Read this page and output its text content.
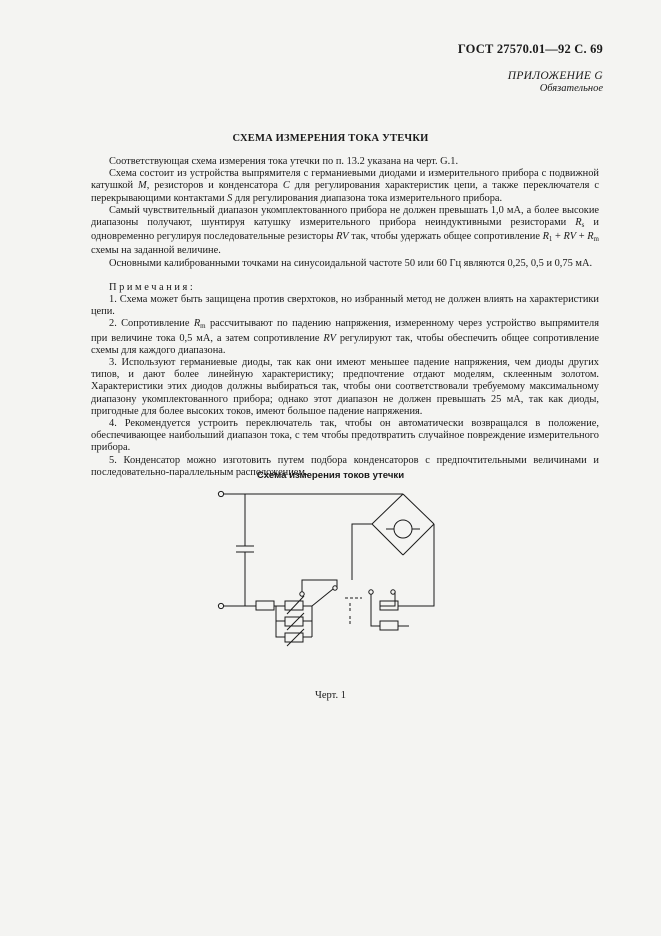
ГОСТ 27570.01—92 С. 69
ПРИЛОЖЕНИЕ G
Обязательное
СХЕМА ИЗМЕРЕНИЯ ТОКА УТЕЧКИ

Соответствующая схема измерения тока утечки по п. 13.2 указана на черт. G.1.

Схема состоит из устройства выпрямителя с германиевыми диодами и измерительного прибора с подвижной катушкой M, резисторов и конденсатора C для регулирования характеристик цепи, а также переключателя с перекрывающими контактами S для регулирования диапазона тока измерительного прибора.

Самый чувствительный диапазон укомплектованного прибора не должен превышать 1,0 мА, а более высокие диапазоны получают, шунтируя катушку измерительного прибора неиндуктивными резисторами $R_s$ и одновременно регулируя последовательные резисторы RV так, чтобы удержать общее сопротивление $R_1$ + RV + $R_m$ схемы на заданной величине.

Основными калиброванными точками на синусоидальной частоте 50 или 60 Гц являются 0,25, 0,5 и 0,75 мА.

Примечания:

1. Схема может быть защищена против сверхтоков, но избранный метод не должен влиять на характеристики цепи.

2. Сопротивление $R_m$ рассчитывают по падению напряжения, измеренному через устройство выпрямителя при величине тока 0,5 мА, а затем сопротивление RV регулируют так, чтобы обеспечить общее сопротивление схемы для каждого диапазона.

3. Используют германиевые диоды, так как они имеют меньшее падение напряжения, чем диоды других типов, и дают более линейную характеристику; предпочтение отдают моделям, склеенным золотом. Характеристики этих диодов должны выбираться так, чтобы они соответствовали требуемому максимальному диапазону укомплектованного прибора; однако этот диапазон не должен превышать 25 мА, так как диоды, пригодные для более высоких токов, имеют большое падение напряжения.

4. Рекомендуется устроить переключатель так, чтобы он автоматически возвращался в положение, обеспечивающее наибольший диапазон тока, с тем чтобы предотвратить случайное повреждение измерительного прибора.

5. Конденсатор можно изготовить путем подбора конденсаторов с предпочтительными величинами и последовательно-параллельным расположением.

Схема измерения токов утечки
Черт. 1
